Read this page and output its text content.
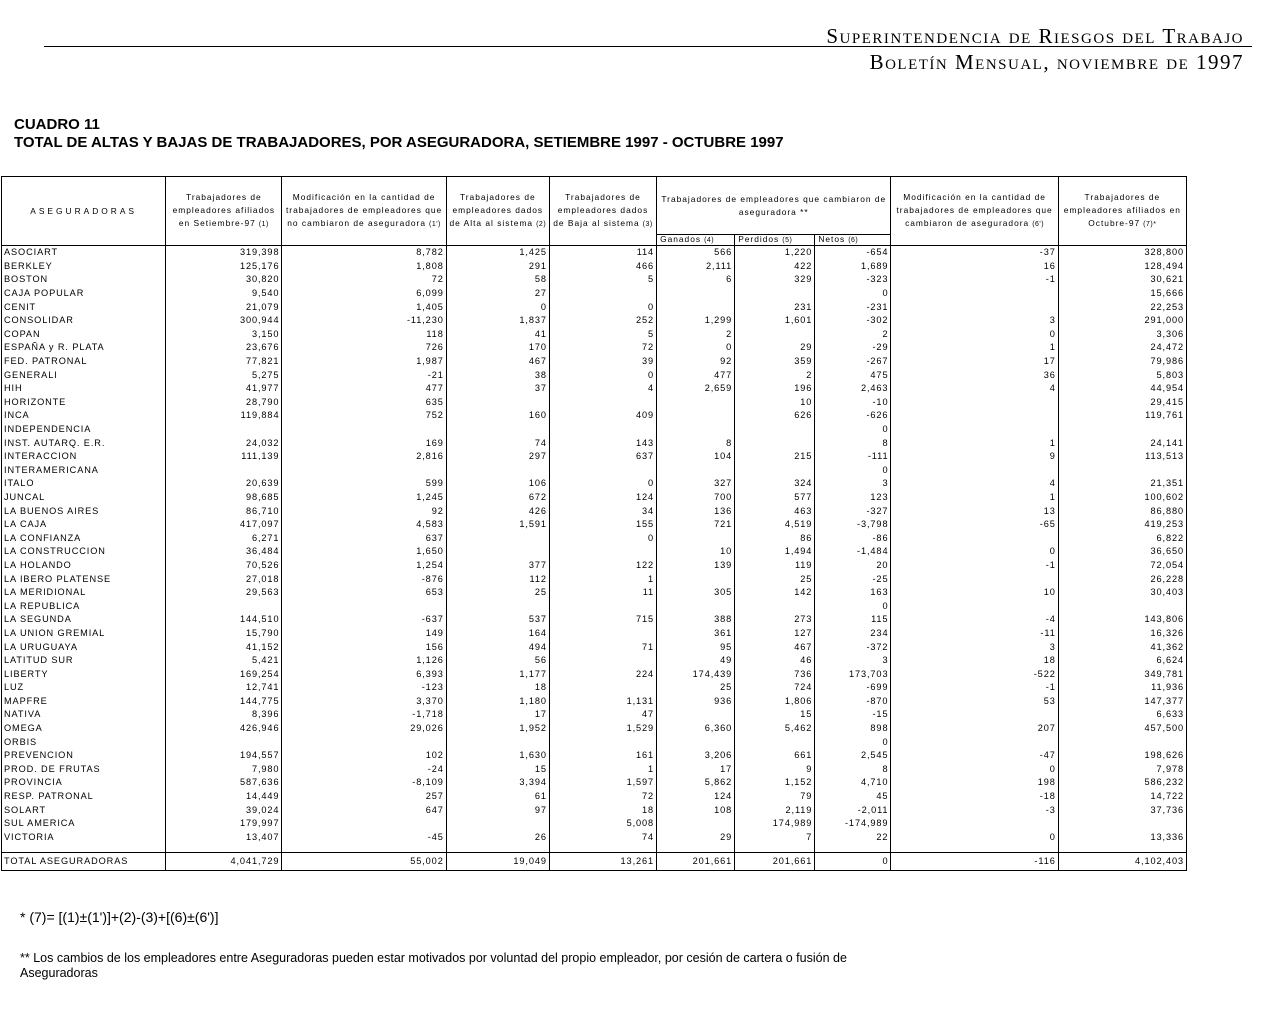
Superintendencia de Riesgos del Trabajo
Boletín Mensual, noviembre de 1997
CUADRO 11
TOTAL DE ALTAS Y BAJAS DE TRABAJADORES, POR ASEGURADORA, SETIEMBRE 1997 - OCTUBRE 1997
ASEGURADORAS	Trabajadores de empleadores afiliados en Setiembre-97 (1)	Modificación en la cantidad de trabajadores de empleadores que no cambiaron de aseguradora (1')	Trabajadores de empleadores dados de Alta al sistema (2)	Trabajadores de empleadores dados de Baja al sistema (3)	Trabajadores de empleadores que cambiaron de aseguradora **			Modificación en la cantidad de trabajadores de empleadores que cambiaron de aseguradora (6')	Trabajadores de empleadores afiliados en Octubre-97 (7)*
					Ganados (4)	Perdidos (5)	Netos (6)		
ASOCIART	319,398	8,782	1,425	114	566	1,220	-654	-37	328,800
BERKLEY	125,176	1,808	291	466	2,111	422	1,689	16	128,494
BOSTON	30,820	72	58	5	6	329	-323	-1	30,621
CAJA POPULAR	9,540	6,099	27				0		15,666
CENIT	21,079	1,405	0	0		231	-231		22,253
CONSOLIDAR	300,944	-11,230	1,837	252	1,299	1,601	-302	3	291,000
COPAN	3,150	118	41	5	2		2	0	3,306
ESPAÑA y R. PLATA	23,676	726	170	72	0	29	-29	1	24,472
FED. PATRONAL	77,821	1,987	467	39	92	359	-267	17	79,986
GENERALI	5,275	-21	38	0	477	2	475	36	5,803
HIH	41,977	477	37	4	2,659	196	2,463	4	44,954
HORIZONTE	28,790	635				10	-10		29,415
INCA	119,884	752	160	409		626	-626		119,761
INDEPENDENCIA							0		
INST. AUTARQ. E.R.	24,032	169	74	143	8		8	1	24,141
INTERACCION	111,139	2,816	297	637	104	215	-111	9	113,513
INTERAMERICANA							0		
ITALO	20,639	599	106	0	327	324	3	4	21,351
JUNCAL	98,685	1,245	672	124	700	577	123	1	100,602
LA BUENOS AIRES	86,710	92	426	34	136	463	-327	13	86,880
LA CAJA	417,097	4,583	1,591	155	721	4,519	-3,798	-65	419,253
LA CONFIANZA	6,271	637		0		86	-86		6,822
LA CONSTRUCCION	36,484	1,650			10	1,494	-1,484	0	36,650
LA HOLANDO	70,526	1,254	377	122	139	119	20	-1	72,054
LA IBERO PLATENSE	27,018	-876	112	1		25	-25		26,228
LA MERIDIONAL	29,563	653	25	11	305	142	163	10	30,403
LA REPUBLICA							0		
LA SEGUNDA	144,510	-637	537	715	388	273	115	-4	143,806
LA UNION GREMIAL	15,790	149	164		361	127	234	-11	16,326
LA URUGUAYA	41,152	156	494	71	95	467	-372	3	41,362
LATITUD SUR	5,421	1,126	56		49	46	3	18	6,624
LIBERTY	169,254	6,393	1,177	224	174,439	736	173,703	-522	349,781
LUZ	12,741	-123	18		25	724	-699	-1	11,936
MAPFRE	144,775	3,370	1,180	1,131	936	1,806	-870	53	147,377
NATIVA	8,396	-1,718	17	47		15	-15		6,633
OMEGA	426,946	29,026	1,952	1,529	6,360	5,462	898	207	457,500
ORBIS							0		
PREVENCION	194,557	102	1,630	161	3,206	661	2,545	-47	198,626
PROD. DE FRUTAS	7,980	-24	15	1	17	9	8	0	7,978
PROVINCIA	587,636	-8,109	3,394	1,597	5,862	1,152	4,710	198	586,232
RESP. PATRONAL	14,449	257	61	72	124	79	45	-18	14,722
SOLART	39,024	647	97	18	108	2,119	-2,011	-3	37,736
SUL AMERICA	179,997			5,008		174,989	-174,989		
VICTORIA	13,407	-45	26	74	29	7	22	0	13,336

TOTAL ASEGURADORAS	4,041,729	55,002	19,049	13,261	201,661	201,661	0	-116	4,102,403
* (7)= [(1)±(1')]+(2)-(3)+[(6)±(6')]
** Los cambios de los empleadores entre Aseguradoras pueden estar motivados por voluntad del propio empleador, por cesión de cartera o fusión de Aseguradoras
